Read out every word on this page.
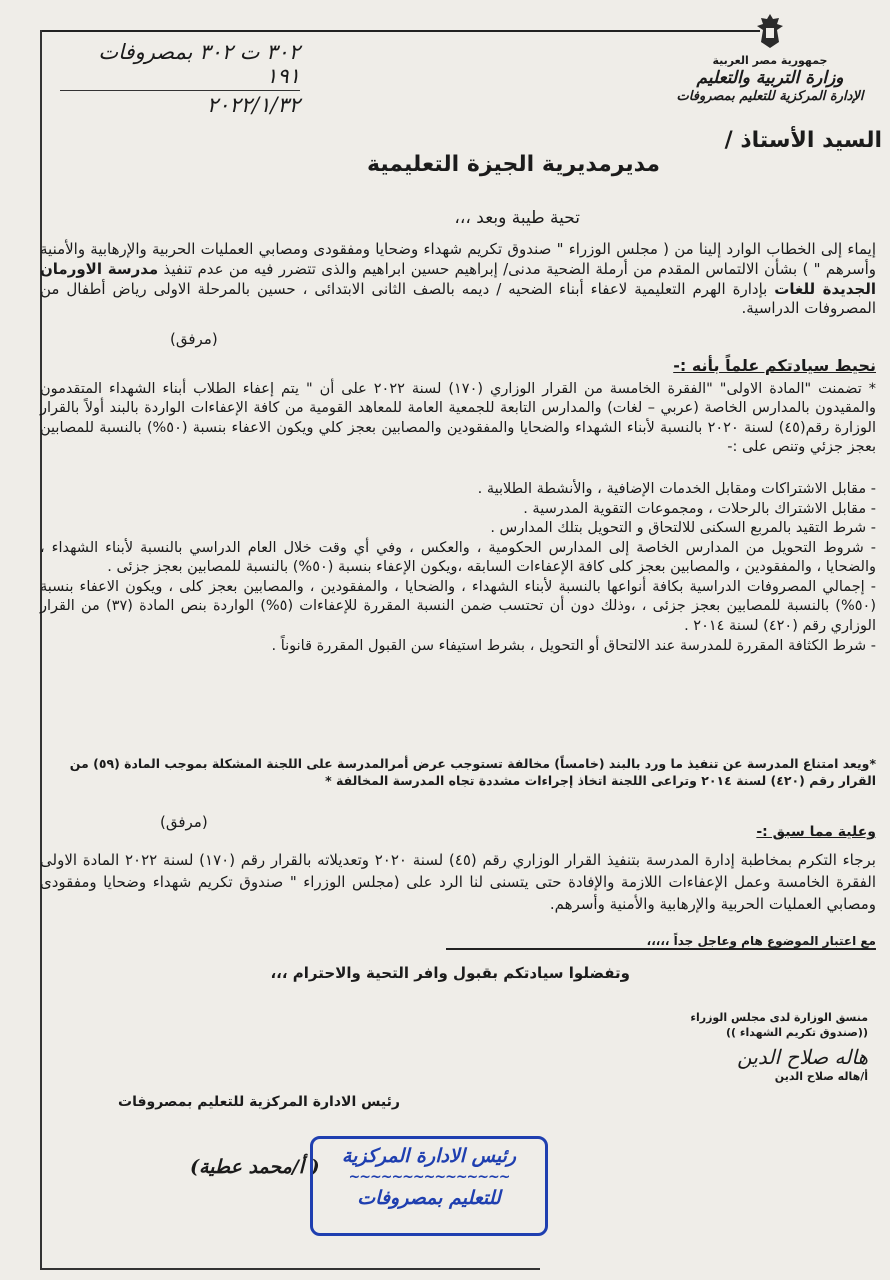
جمهورية مصر العربية
وزارة التربية والتعليم
الإدارة المركزية للتعليم بمصروفات
٣٠٢ ت ٣٠٢ بمصروفات ١٩١
٢٠٢٢/١/٣٢
السيد الأستاذ /
مديرمديرية الجيزة التعليمية
تحية طيبة وبعد ،،،
إيماء إلى الخطاب الوارد إلينا من ( مجلس الوزراء " صندوق تكريم شهداء وضحايا ومفقودى ومصابي العمليات الحربية والإرهابية والأمنية وأسرهم " ) بشأن الالتماس المقدم من أرملة الضحية مدنى/ إبراهيم حسين ابراهيم والذى تتضرر فيه من عدم تنفيذ مدرسة الاورمان الجديدة للغات بإدارة الهرم التعليمية لاعفاء أبناء الضحيه / ديمه بالصف الثانى الابتدائى ، حسين بالمرحلة الاولى رياض أطفال من المصروفات الدراسية.
(مرفق)
نحيط سيادتكم علماً بأنه :-
* تضمنت "المادة الاولى" "الفقرة الخامسة من القرار الوزاري (١٧٠) لسنة ٢٠٢٢ على أن " يتم إعفاء الطلاب أبناء الشهداء المتقدمون والمقيدون بالمدارس الخاصة (عربي – لغات) والمدارس التابعة للجمعية العامة للمعاهد القومية من كافة الإعفاءات الواردة بالبند أولاً بالقرار الوزارة رقم(٤٥) لسنة ٢٠٢٠ بالنسبة لأبناء الشهداء والضحايا والمفقودين والمصابين بعجز كلي ويكون الاعفاء بنسبة (٥٠%) بالنسبة للمصابين بعجز جزئي وتنص على :-
- مقابل الاشتراكات ومقابل الخدمات الإضافية ، والأنشطة الطلابية .
- مقابل الاشتراك بالرحلات ، ومجموعات التقوية المدرسية .
- شرط التقيد بالمربع السكنى للالتحاق و التحويل بتلك المدارس .
- شروط التحويل من المدارس الخاصة إلى المدارس الحكومية ، والعكس ، وفي أي وقت خلال العام الدراسي بالنسبة لأبناء الشهداء ، والضحايا ، والمفقودين ، والمصابين بعجز كلى كافة الإعفاءات السابقه ،ويكون الإعفاء بنسبة (٥٠%) بالنسبة للمصابين بعجز جزئى .
- إجمالي المصروفات الدراسية بكافة أنواعها بالنسبة لأبناء الشهداء ، والضحايا ، والمفقودين ، والمصابين بعجز كلى ، ويكون الاعفاء بنسبة (٥٠%) بالنسبة للمصابين بعجز جزئى ، ،وذلك دون أن تحتسب ضمن النسبة المقررة للإعفاءات (٥%) الواردة بنص المادة (٣٧) من القرار الوزاري رقم (٤٢٠) لسنة ٢٠١٤ .
- شرط الكثافة المقررة للمدرسة عند الالتحاق أو التحويل ، بشرط استيفاء سن القبول المقررة قانوناً .
*ويعد امتناع المدرسة عن تنفيذ ما ورد بالبند (خامساً) مخالفة تستوجب عرض أمرالمدرسة على اللجنة المشكلة بموجب المادة (٥٩) من القرار رقم (٤٢٠) لسنة ٢٠١٤ وتراعى اللجنة اتخاذ إجراءات مشددة تجاه المدرسة المخالفة *
(مرفق)
وعلية مما سبق :-
برجاء التكرم بمخاطبة إدارة المدرسة بتنفيذ القرار الوزاري رقم (٤٥) لسنة ٢٠٢٠ وتعديلاته بالقرار رقم (١٧٠) لسنة ٢٠٢٢ المادة الاولى الفقرة الخامسة وعمل الإعفاءات اللازمة والإفادة حتى يتسنى لنا الرد على (مجلس الوزراء " صندوق تكريم شهداء وضحايا ومفقودى ومصابي العمليات الحربية والإرهابية والأمنية وأسرهم.
مع اعتبار الموضوع هام وعاجل جداً ،،،،،
وتفضلوا سيادتكم بقبول وافر التحية والاحترام ،،،
منسق الوزارة لدى مجلس الوزراء
((صندوق تكريم الشهداء ))
هاله صلاح الدين
أ/هاله صلاح الدين
رئيس الادارة المركزية للتعليم بمصروفات
( أ/محمد عطية)	رئيس الادارة المركزية
~~~~~~~~~~~~~~~
للتعليم بمصروفات
